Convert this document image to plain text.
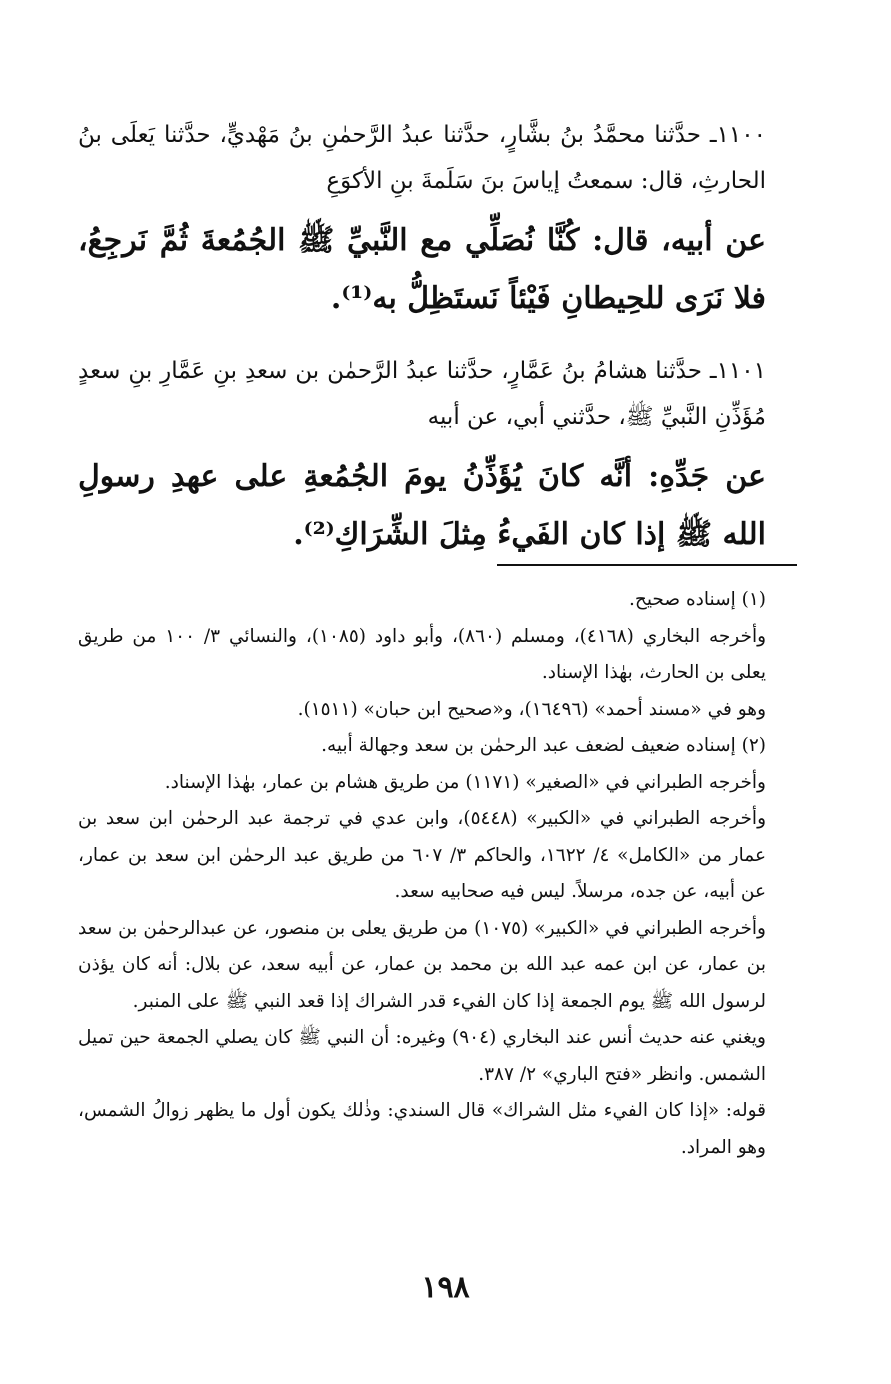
١١٠٠ـ حدَّثنا محمَّدُ بنُ بشَّارٍ، حدَّثنا عبدُ الرَّحمٰنِ بنُ مَهْديٍّ، حدَّثنا يَعلَى بنُ الحارثِ، قال: سمعتُ إياسَ بنَ سَلَمةَ بنِ الأكوَعِ

عن أبيه، قال: كُنَّا نُصَلِّي مع النَّبيِّ ﷺ الجُمُعةَ ثُمَّ نَرجِعُ، فلا نَرَى للحِيطانِ فَيْئاً نَستَظِلُّ به⁽¹⁾.

١١٠١ـ حدَّثنا هشامُ بنُ عَمَّارٍ، حدَّثنا عبدُ الرَّحمٰن بن سعدِ بنِ عَمَّارِ بنِ سعدٍ مُؤَذِّنِ النَّبيِّ ﷺ، حدَّثني أبي، عن أبيه

عن جَدِّهِ: أنَّه كانَ يُؤَذِّنُ يومَ الجُمُعةِ على عهدِ رسولِ الله ﷺ إذا كان الفَيءُ مِثلَ الشِّرَاكِ⁽²⁾.

(١) إسناده صحيح.

وأخرجه البخاري (٤١٦٨)، ومسلم (٨٦٠)، وأبو داود (١٠٨٥)، والنسائي ٣/ ١٠٠ من طريق يعلى بن الحارث، بهٰذا الإسناد.

وهو في «مسند أحمد» (١٦٤٩٦)، و«صحيح ابن حبان» (١٥١١).

(٢) إسناده ضعيف لضعف عبد الرحمٰن بن سعد وجهالة أبيه.

وأخرجه الطبراني في «الصغير» (١١٧١) من طريق هشام بن عمار، بهٰذا الإسناد.

وأخرجه الطبراني في «الكبير» (٥٤٤٨)، وابن عدي في ترجمة عبد الرحمٰن ابن سعد بن عمار من «الكامل» ٤/ ١٦٢٢، والحاكم ٣/ ٦٠٧ من طريق عبد الرحمٰن ابن سعد بن عمار، عن أبيه، عن جده، مرسلاً. ليس فيه صحابيه سعد.

وأخرجه الطبراني في «الكبير» (١٠٧٥) من طريق يعلى بن منصور، عن عبدالرحمٰن بن سعد بن عمار، عن ابن عمه عبد الله بن محمد بن عمار، عن أبيه سعد، عن بلال: أنه كان يؤذن لرسول الله ﷺ يوم الجمعة إذا كان الفيء قدر الشراك إذا قعد النبي ﷺ على المنبر.

ويغني عنه حديث أنس عند البخاري (٩٠٤) وغيره: أن النبي ﷺ كان يصلي الجمعة حين تميل الشمس. وانظر «فتح الباري» ٢/ ٣٨٧.

قوله: «إذا كان الفيء مثل الشراك» قال السندي: وذٰلك يكون أول ما يظهر زوالُ الشمس، وهو المراد.

١٩٨
